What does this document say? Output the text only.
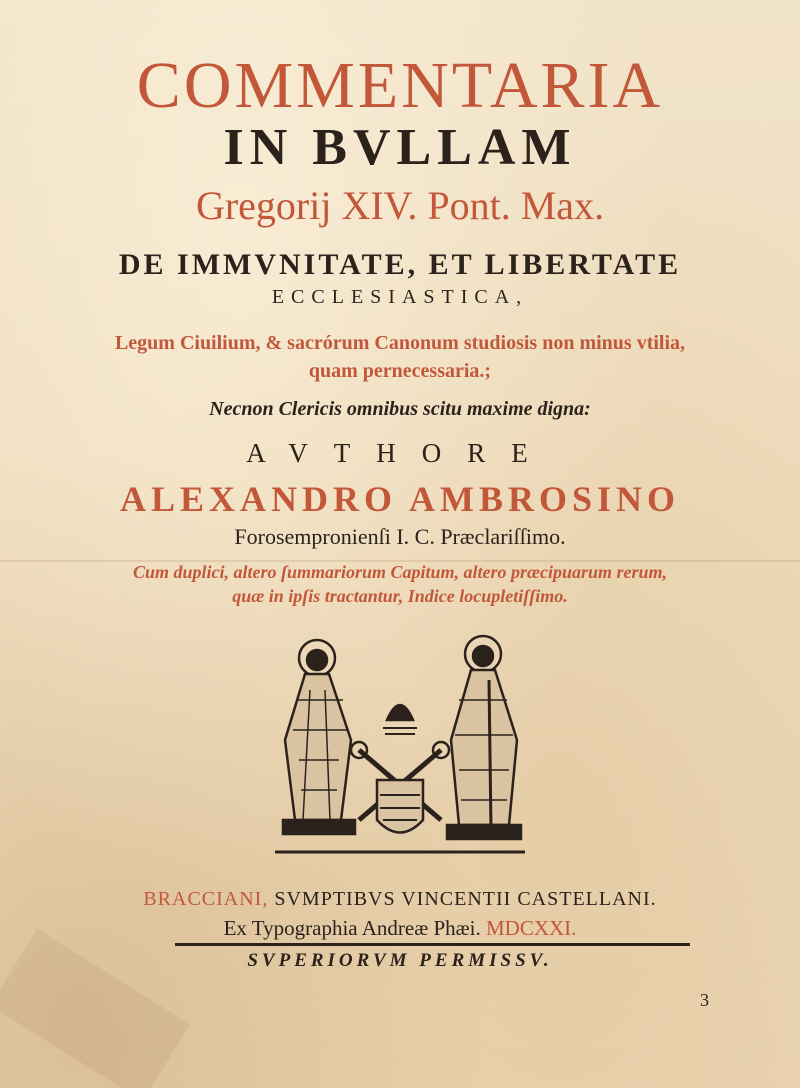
COMMENTARIA
IN BVLLAM
Gregorij XIV. Pont. Max.
DE IMMVNITATE, ET LIBERTATE
ECCLESIASTICA,
Legum Ciuilium, & sacrórum Canonum studiosis non minus vtilia,
quam pernecessaria.;
Necnon Clericis omnibus scitu maxime digna:
AVTHORE
ALEXANDRO AMBROSINO
Forosempronienſi I. C. Præclariſſimo.
Cum duplici, altero ſummariorum Capitum, altero præcipuarum rerum,
quæ in ipſis tractantur, Indice locupletiſſimo.
BRACCIANI, SVMPTIBVS VINCENTII CASTELLANI.
Ex Typographia Andreæ Phæi. MDCXXI.
SVPERIORVM PERMISSV.
3
